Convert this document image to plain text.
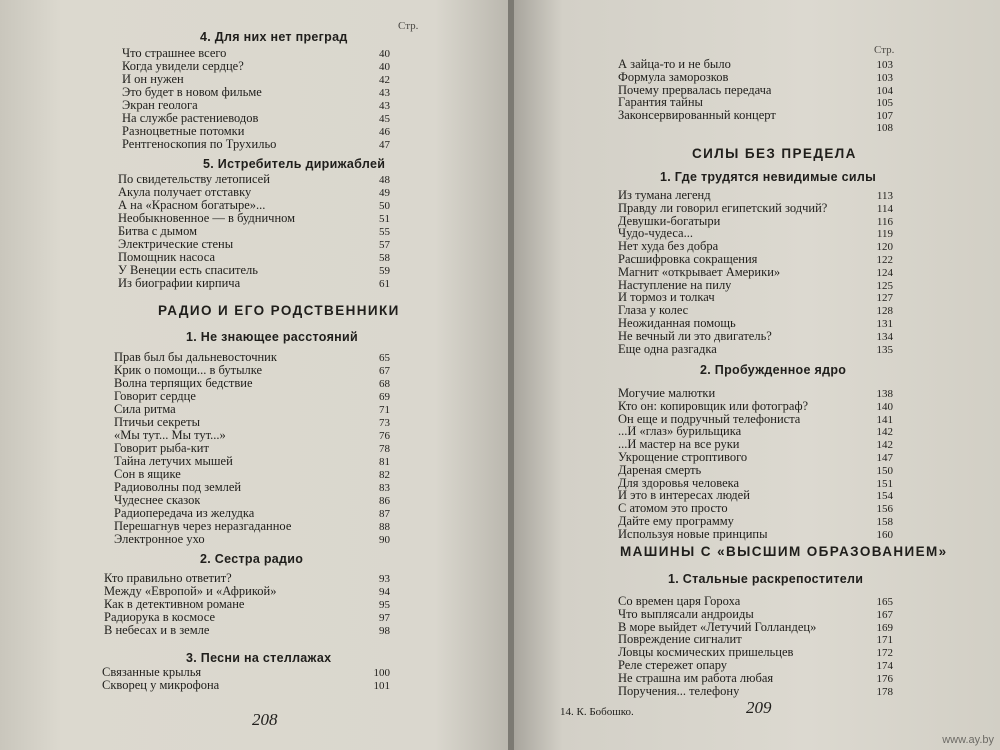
Стр.
4. Для них нет преград
Что страшнее всего	40
Когда увидели сердце?	40
И он нужен	42
Это будет в новом фильме	43
Экран геолога	43
На службе растениеводов	45
Разноцветные потомки	46
Рентгеноскопия по Трухильо	47
5. Истребитель дирижаблей
По свидетельству летописей	48
Акула получает отставку	49
А на «Красном богатыре»...	50
Необыкновенное — в будничном	51
Битва с дымом	55
Электрические стены	57
Помощник насоса	58
У Венеции есть спаситель	59
Из биографии кирпича	61
РАДИО И ЕГО РОДСТВЕННИКИ
1. Не знающее расстояний
Прав был бы дальневосточник	65
Крик о помощи... в бутылке	67
Волна терпящих бедствие	68
Говорит сердце	69
Сила ритма	71
Птичьи секреты	73
«Мы тут... Мы тут...»	76
Говорит рыба-кит	78
Тайна летучих мышей	81
Сон в ящике	82
Радиоволны под землей	83
Чудеснее сказок	86
Радиопередача из желудка	87
Перешагнув через неразгаданное	88
Электронное ухо	90
2. Сестра радио
Кто правильно ответит?	93
Между «Европой» и «Африкой»	94
Как в детективном романе	95
Радиорука в космосе	97
В небесах и в земле	98
3. Песни на стеллажах
Связанные крылья	100
Скворец у микрофона	101
208
Стр.
А зайца-то и не было	103
Формула заморозков	103
Почему прервалась передача	104
Гарантия тайны	105
Законсервированный концерт	107
108
СИЛЫ БЕЗ ПРЕДЕЛА
1. Где трудятся невидимые силы
Из тумана легенд	113
Правду ли говорил египетский зодчий?	114
Девушки-богатыри	116
Чудо-чудеса...	119
Нет худа без добра	120
Расшифровка сокращения	122
Магнит «открывает Америки»	124
Наступление на пилу	125
И тормоз и толкач	127
Глаза у колес	128
Неожиданная помощь	131
Не вечный ли это двигатель?	134
Еще одна разгадка	135
2. Пробужденное ядро
Могучие малютки	138
Кто он: копировщик или фотограф?	140
Он еще и подручный телефониста	141
...И «глаз» бурильщика	142
...И мастер на все руки	142
Укрощение строптивого	147
Дареная смерть	150
Для здоровья человека	151
И это в интересах людей	154
С атомом это просто	156
Дайте ему программу	158
Используя новые принципы	160
МАШИНЫ С «ВЫСШИМ ОБРАЗОВАНИЕМ»
1. Стальные раскрепостители
Со времен царя Гороха	165
Что выплясали андроиды	167
В море выйдет «Летучий Голландец»	169
Повреждение сигналит	171
Ловцы космических пришельцев	172
Реле стережет опару	174
Не страшна им работа любая	176
Поручения... телефону	178
14. К. Бобошко.	209
www.ay.by
